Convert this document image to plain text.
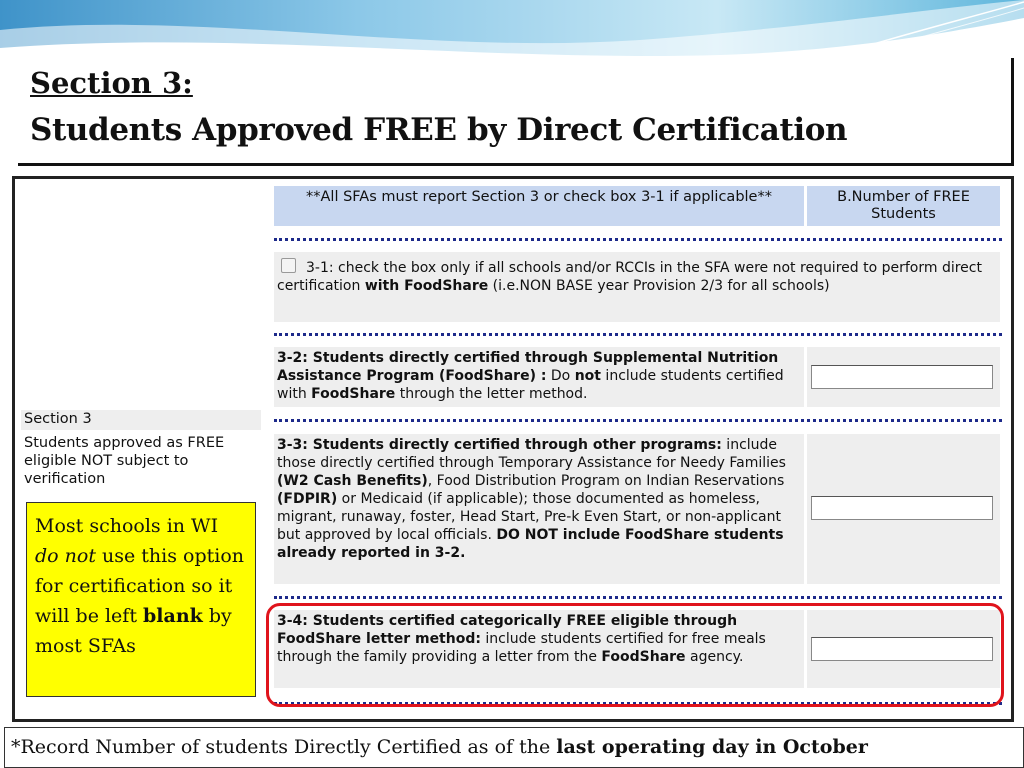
Section 3:
Students Approved FREE by Direct Certification
Section 3
Students approved as FREE eligible NOT subject to verification
Most schools in WI do not use this option for certification so it will be left blank by most SFAs
**All SFAs must report Section 3 or check box 3-1 if applicable**	B.Number of FREE Students
3-1: check the box only if all schools and/or RCCIs in the SFA were not required to perform direct certification with FoodShare (i.e.NON BASE year Provision 2/3 for all schools)
3-2: Students directly certified through Supplemental Nutrition Assistance Program (FoodShare) : Do not include students certified with FoodShare through the letter method.
3-3: Students directly certified through other programs: include those directly certified through Temporary Assistance for Needy Families (W2 Cash Benefits), Food Distribution Program on Indian Reservations (FDPIR) or Medicaid (if applicable); those documented as homeless, migrant, runaway, foster, Head Start, Pre-k Even Start, or non-applicant but approved by local officials. DO NOT include FoodShare students already reported in 3-2.
3-4: Students certified categorically FREE eligible through FoodShare letter method: include students certified for free meals through the family providing a letter from the FoodShare agency.
*Record Number of students Directly Certified as of the last operating day in October
